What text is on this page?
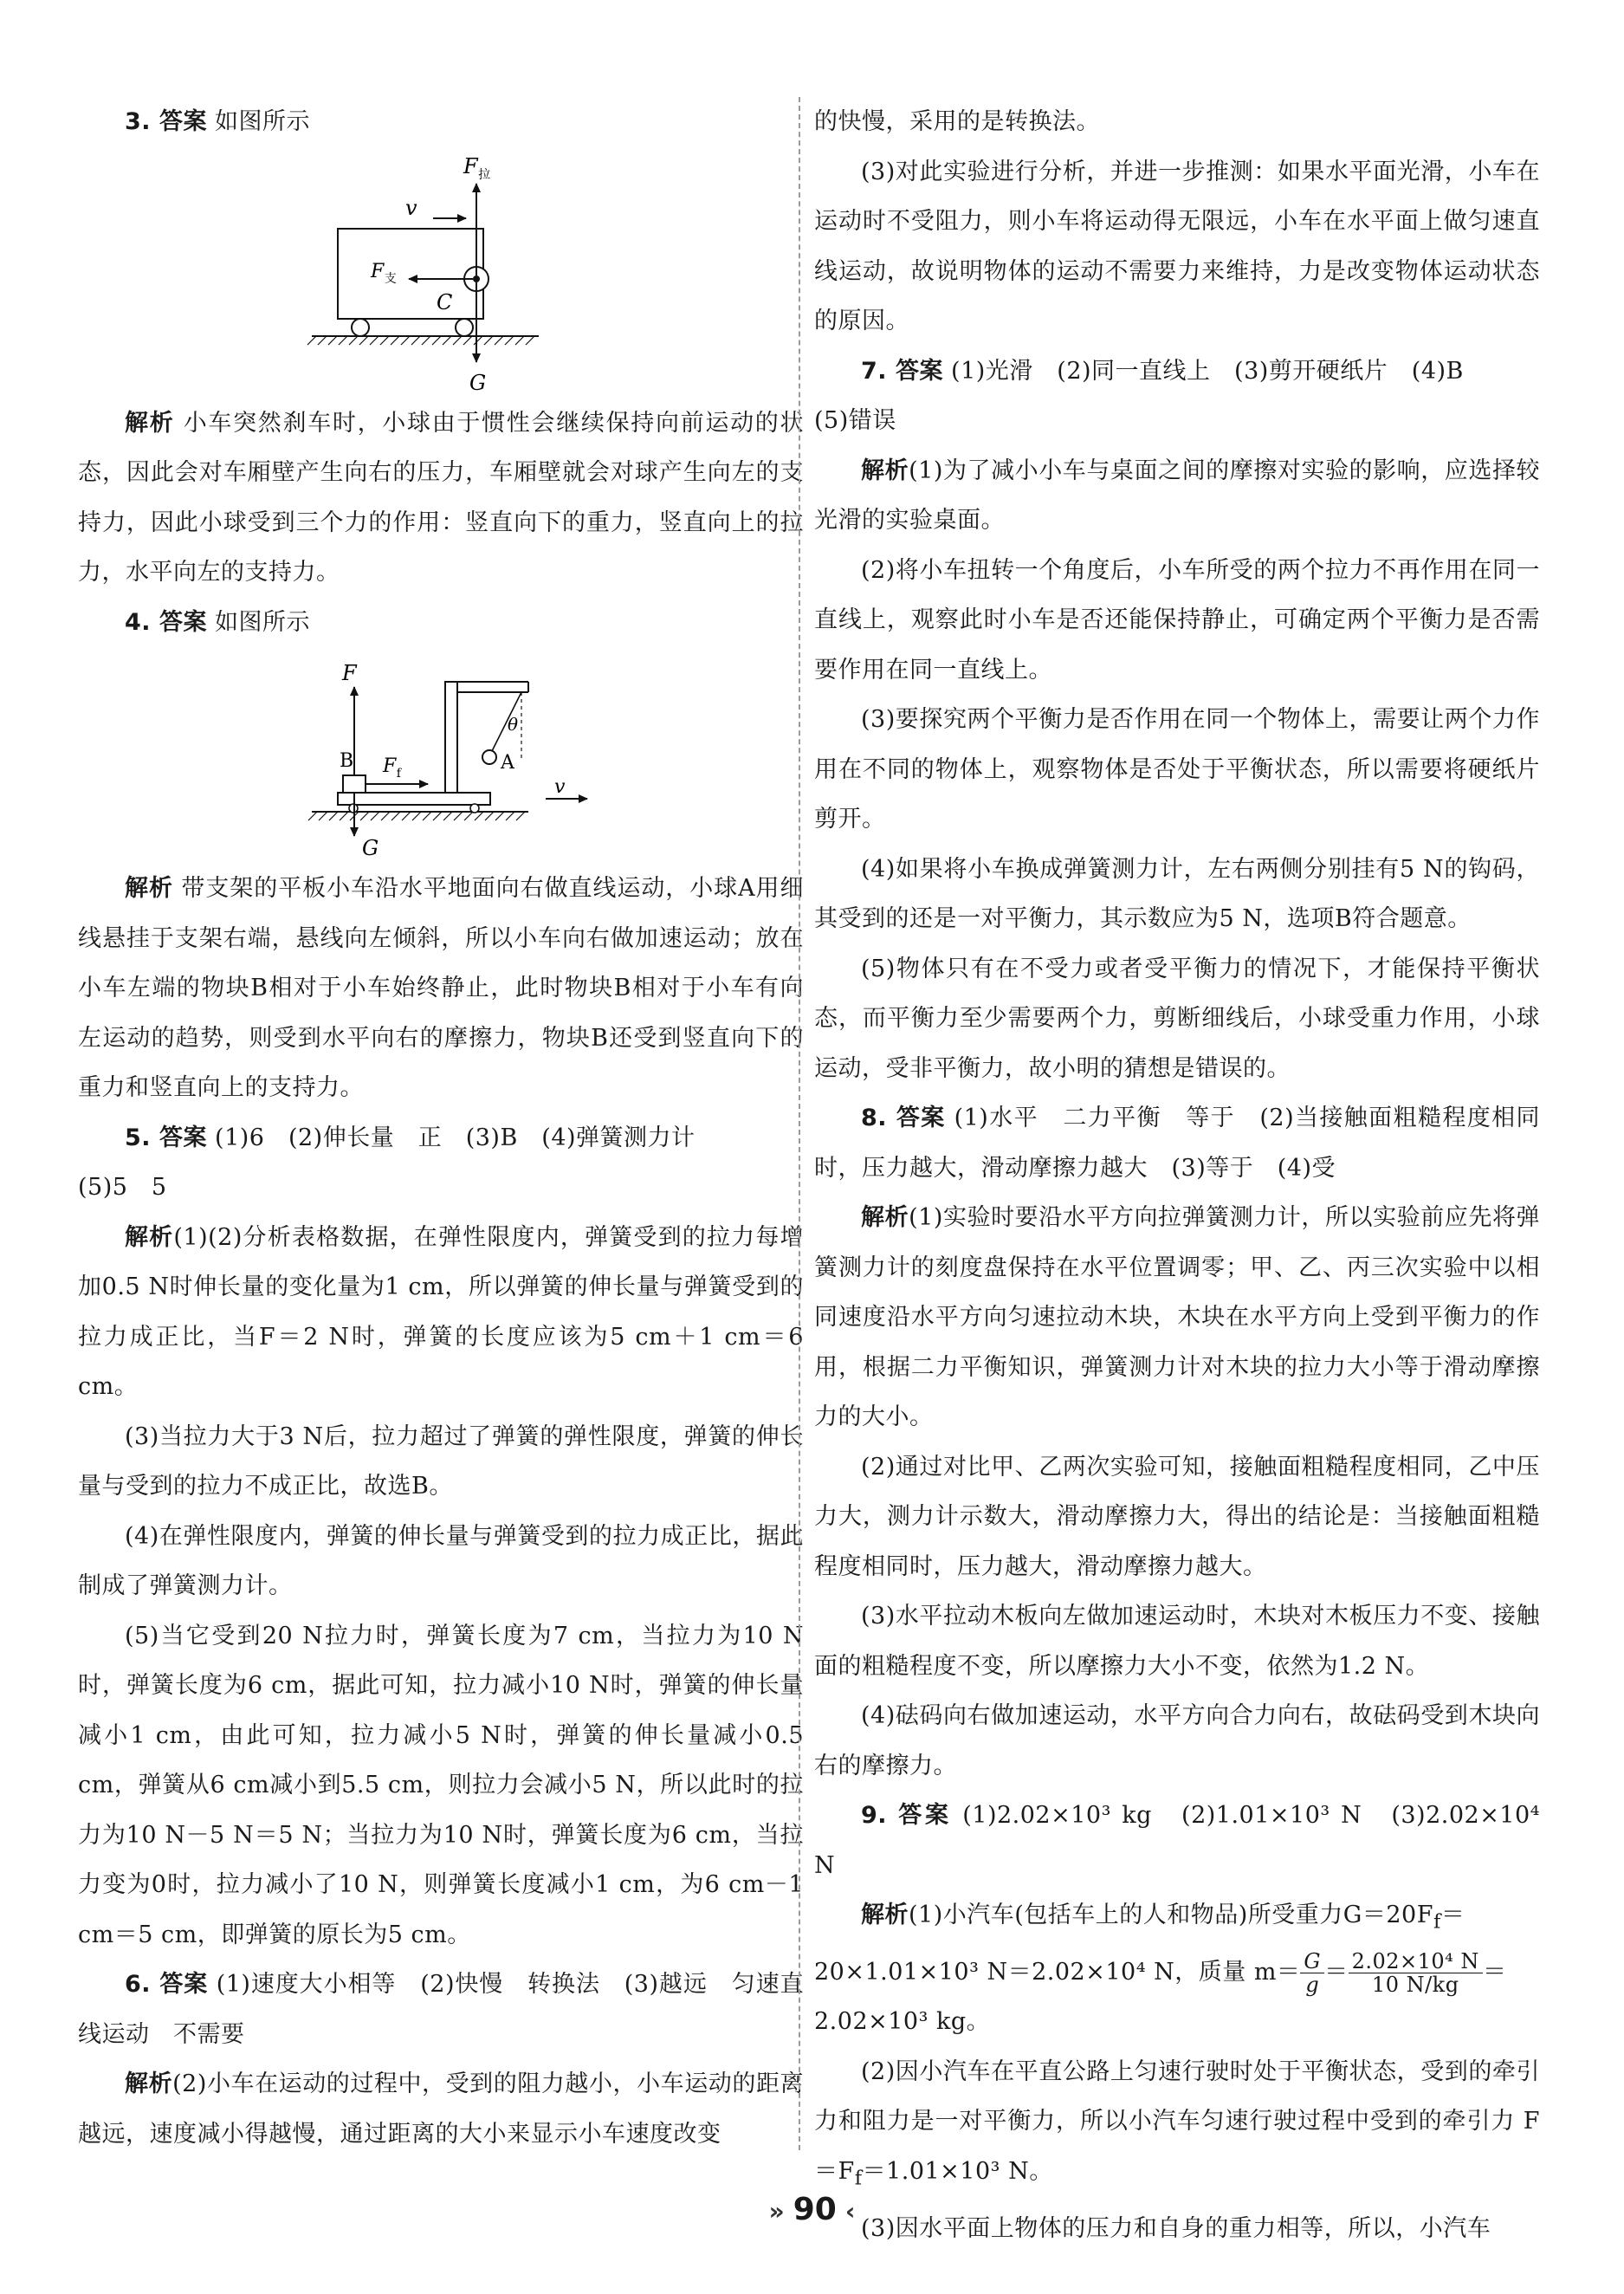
3. 答案 如图所示

$F_拉$
G
$F_支$
C
v

解析 小车突然刹车时，小球由于惯性会继续保持向前运动的状态，因此会对车厢壁产生向右的压力，车厢壁就会对球产生向左的支持力，因此小球受到三个力的作用：竖直向下的重力，竖直向上的拉力，水平向左的支持力。

4. 答案 如图所示

A
θ
B
F
G
$F_f$
v

解析 带支架的平板小车沿水平地面向右做直线运动，小球A用细线悬挂于支架右端，悬线向左倾斜，所以小车向右做加速运动；放在小车左端的物块B相对于小车始终静止，此时物块B相对于小车有向左运动的趋势，则受到水平向右的摩擦力，物块B还受到竖直向下的重力和竖直向上的支持力。

5. 答案 (1)6　(2)伸长量　正　(3)B　(4)弹簧测力计

(5)5　5

解析(1)(2)分析表格数据，在弹性限度内，弹簧受到的拉力每增加0.5 N时伸长量的变化量为1 cm，所以弹簧的伸长量与弹簧受到的拉力成正比，当F＝2 N时，弹簧的长度应该为5 cm＋1 cm＝6 cm。

(3)当拉力大于3 N后，拉力超过了弹簧的弹性限度，弹簧的伸长量与受到的拉力不成正比，故选B。

(4)在弹性限度内，弹簧的伸长量与弹簧受到的拉力成正比，据此制成了弹簧测力计。

(5)当它受到20 N拉力时，弹簧长度为7 cm，当拉力为10 N时，弹簧长度为6 cm，据此可知，拉力减小10 N时，弹簧的伸长量减小1 cm，由此可知，拉力减小5 N时，弹簧的伸长量减小0.5 cm，弹簧从6 cm减小到5.5 cm，则拉力会减小5 N，所以此时的拉力为10 N－5 N＝5 N；当拉力为10 N时，弹簧长度为6 cm，当拉力变为0时，拉力减小了10 N，则弹簧长度减小1 cm，为6 cm－1 cm＝5 cm，即弹簧的原长为5 cm。

6. 答案 (1)速度大小相等　(2)快慢　转换法　(3)越远　匀速直线运动　不需要

解析(2)小车在运动的过程中，受到的阻力越小，小车运动的距离越远，速度减小得越慢，通过距离的大小来显示小车速度改变

的快慢，采用的是转换法。

(3)对此实验进行分析，并进一步推测：如果水平面光滑，小车在运动时不受阻力，则小车将运动得无限远，小车在水平面上做匀速直线运动，故说明物体的运动不需要力来维持，力是改变物体运动状态的原因。

7. 答案 (1)光滑　(2)同一直线上　(3)剪开硬纸片　(4)B

(5)错误

解析(1)为了减小小车与桌面之间的摩擦对实验的影响，应选择较光滑的实验桌面。

(2)将小车扭转一个角度后，小车所受的两个拉力不再作用在同一直线上，观察此时小车是否还能保持静止，可确定两个平衡力是否需要作用在同一直线上。

(3)要探究两个平衡力是否作用在同一个物体上，需要让两个力作用在不同的物体上，观察物体是否处于平衡状态，所以需要将硬纸片剪开。

(4)如果将小车换成弹簧测力计，左右两侧分别挂有5 N的钩码，其受到的还是一对平衡力，其示数应为5 N，选项B符合题意。

(5)物体只有在不受力或者受平衡力的情况下，才能保持平衡状态，而平衡力至少需要两个力，剪断细线后，小球受重力作用，小球运动，受非平衡力，故小明的猜想是错误的。

8. 答案 (1)水平　二力平衡　等于　(2)当接触面粗糙程度相同时，压力越大，滑动摩擦力越大　(3)等于　(4)受

解析(1)实验时要沿水平方向拉弹簧测力计，所以实验前应先将弹簧测力计的刻度盘保持在水平位置调零；甲、乙、丙三次实验中以相同速度沿水平方向匀速拉动木块，木块在水平方向上受到平衡力的作用，根据二力平衡知识，弹簧测力计对木块的拉力大小等于滑动摩擦力的大小。

(2)通过对比甲、乙两次实验可知，接触面粗糙程度相同，乙中压力大，测力计示数大，滑动摩擦力大，得出的结论是：当接触面粗糙程度相同时，压力越大，滑动摩擦力越大。

(3)水平拉动木板向左做加速运动时，木块对木板压力不变、接触面的粗糙程度不变，所以摩擦力大小不变，依然为1.2 N。

(4)砝码向右做加速运动，水平方向合力向右，故砝码受到木块向右的摩擦力。

9. 答案 (1)2.02×10³ kg　(2)1.01×10³ N　(3)2.02×10⁴ N

解析(1)小汽车(包括车上的人和物品)所受重力$G=20F_f=$

20×1.01×10³ N＝2.02×10⁴ N，质量 $m= \frac{G}{g} = \frac{\text{2.02×10⁴ N}}{10 N/kg}$ ＝

2.02×10³ kg。

(2)因小汽车在平直公路上匀速行驶时处于平衡状态，受到的牵引力和阻力是一对平衡力，所以小汽车匀速行驶过程中受到的牵引力 $F=F_f=1.01\times 10^3$ N。

(3)因水平面上物体的压力和自身的重力相等，所以，小汽车

» 90 ‹
